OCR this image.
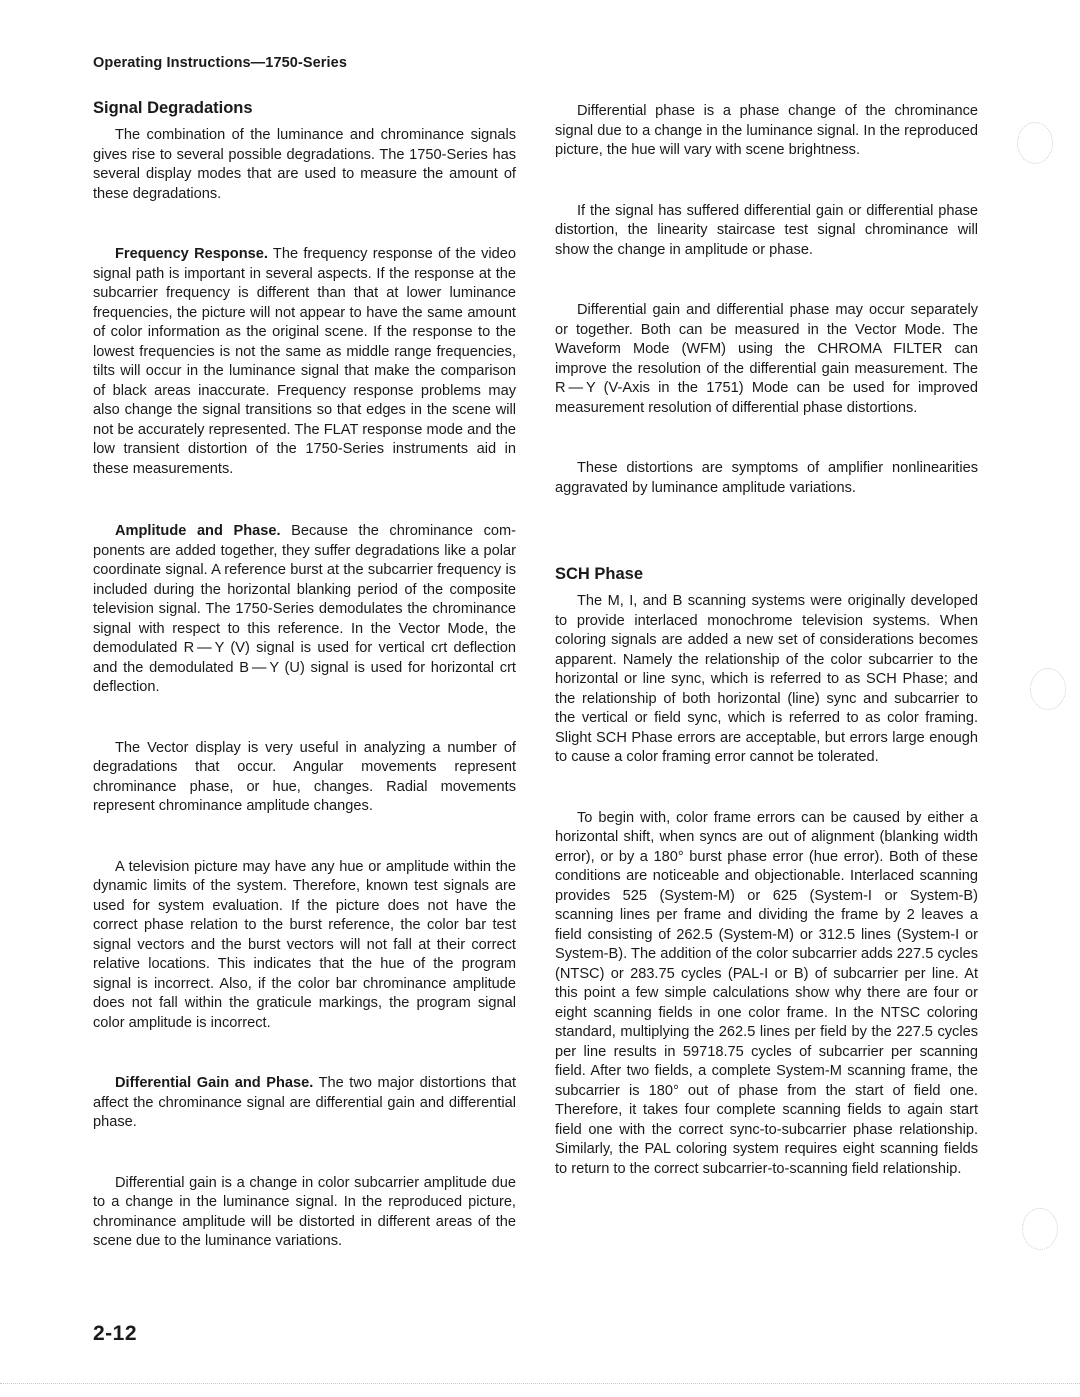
Operating Instructions—1750-Series
Signal Degradations

The combination of the luminance and chrominance signals gives rise to several possible degradations. The 1750-Series has several display modes that are used to measure the amount of these degradations.

Frequency Response. The frequency response of the video signal path is important in several aspects. If the response at the subcarrier frequency is different than that at lower luminance frequencies, the picture will not appear to have the same amount of color information as the original scene. If the response to the lowest frequencies is not the same as middle range frequencies, tilts will occur in the luminance signal that make the comparison of black areas inaccurate. Frequency response problems may also change the signal transitions so that edges in the scene will not be accurately represented. The FLAT response mode and the low transient distortion of the 1750-Series instruments aid in these measurements.

Amplitude and Phase. Because the chrominance components are added together, they suffer degradations like a polar coordinate signal. A reference burst at the subcarrier frequency is included during the horizontal blanking period of the composite television signal. The 1750-Series demodulates the chrominance signal with respect to this reference. In the Vector Mode, the demodulated R — Y (V) signal is used for vertical crt deflection and the demodulated B — Y (U) signal is used for horizontal crt deflection.

The Vector display is very useful in analyzing a number of degradations that occur. Angular movements represent chrominance phase, or hue, changes. Radial movements represent chrominance amplitude changes.

A television picture may have any hue or amplitude within the dynamic limits of the system. Therefore, known test signals are used for system evaluation. If the picture does not have the correct phase relation to the burst reference, the color bar test signal vectors and the burst vectors will not fall at their correct relative locations. This indicates that the hue of the program signal is incorrect. Also, if the color bar chrominance amplitude does not fall within the graticule markings, the program signal color amplitude is incorrect.

Differential Gain and Phase. The two major distortions that affect the chrominance signal are differential gain and differential phase.

Differential gain is a change in color subcarrier amplitude due to a change in the luminance signal. In the reproduced picture, chrominance amplitude will be distorted in different areas of the scene due to the luminance variations.

Differential phase is a phase change of the chrominance signal due to a change in the luminance signal. In the reproduced picture, the hue will vary with scene brightness.

If the signal has suffered differential gain or differential phase distortion, the linearity staircase test signal chrominance will show the change in amplitude or phase.

Differential gain and differential phase may occur separately or together. Both can be measured in the Vector Mode. The Waveform Mode (WFM) using the CHROMA FILTER can improve the resolution of the differential gain measurement. The R — Y (V-Axis in the 1751) Mode can be used for improved measurement resolution of differential phase distortions.

These distortions are symptoms of amplifier nonlinearities aggravated by luminance amplitude variations.

SCH Phase

The M, I, and B scanning systems were originally developed to provide interlaced monochrome television systems. When coloring signals are added a new set of considerations becomes apparent. Namely the relationship of the color subcarrier to the horizontal or line sync, which is referred to as SCH Phase; and the relationship of both horizontal (line) sync and subcarrier to the vertical or field sync, which is referred to as color framing. Slight SCH Phase errors are acceptable, but errors large enough to cause a color framing error cannot be tolerated.

To begin with, color frame errors can be caused by either a horizontal shift, when syncs are out of alignment (blanking width error), or by a 180° burst phase error (hue error). Both of these conditions are noticeable and objectionable. Interlaced scanning provides 525 (System-M) or 625 (System-I or System-B) scanning lines per frame and dividing the frame by 2 leaves a field consisting of 262.5 (System-M) or 312.5 lines (System-I or System-B). The addition of the color subcarrier adds 227.5 cycles (NTSC) or 283.75 cycles (PAL-I or B) of subcarrier per line. At this point a few simple calculations show why there are four or eight scanning fields in one color frame. In the NTSC coloring standard, multiplying the 262.5 lines per field by the 227.5 cycles per line results in 59718.75 cycles of subcarrier per scanning field. After two fields, a complete System-M scanning frame, the subcarrier is 180° out of phase from the start of field one. Therefore, it takes four complete scanning fields to again start field one with the correct sync-to-subcarrier phase relationship. Similarly, the PAL coloring system requires eight scanning fields to return to the correct subcarrier-to-scanning field relationship.

2-12
